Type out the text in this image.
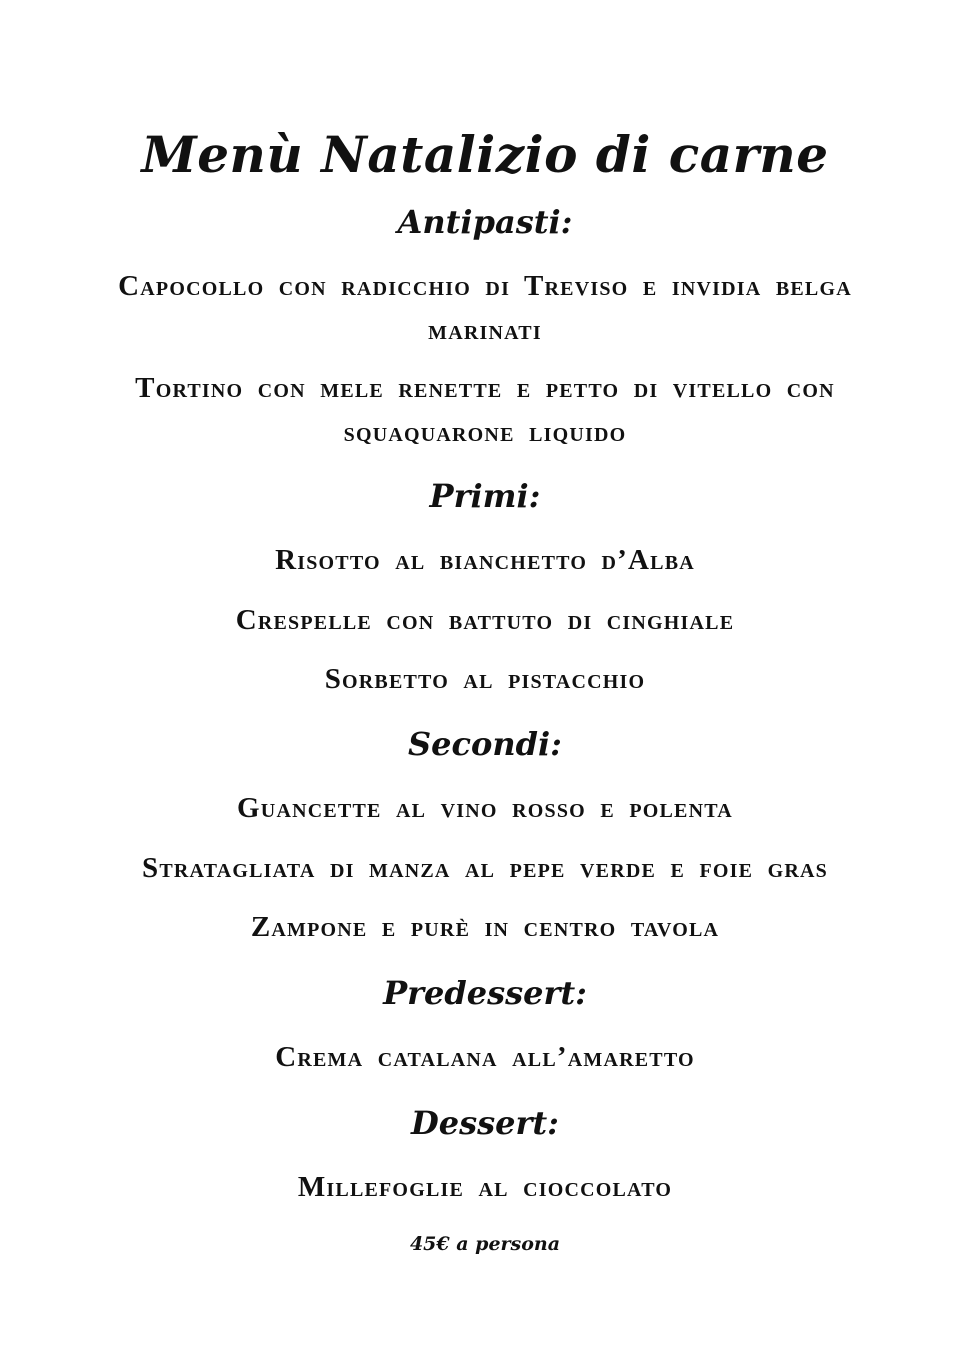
Menù Natalizio di carne
Antipasti:
Capocollo con radicchio di Treviso e invidia belga
marinati
Tortino con mele renette e petto di vitello con
squaquarone liquido
Primi:
Risotto al bianchetto d’Alba
Crespelle con battuto di cinghiale
Sorbetto al pistacchio
Secondi:
Guancette al vino rosso e polenta
Stratagliata di manza al pepe verde e foie gras
Zampone e purè in centro tavola
Predessert:
Crema catalana all’amaretto
Dessert:
Millefoglie al cioccolato
45€ a persona
